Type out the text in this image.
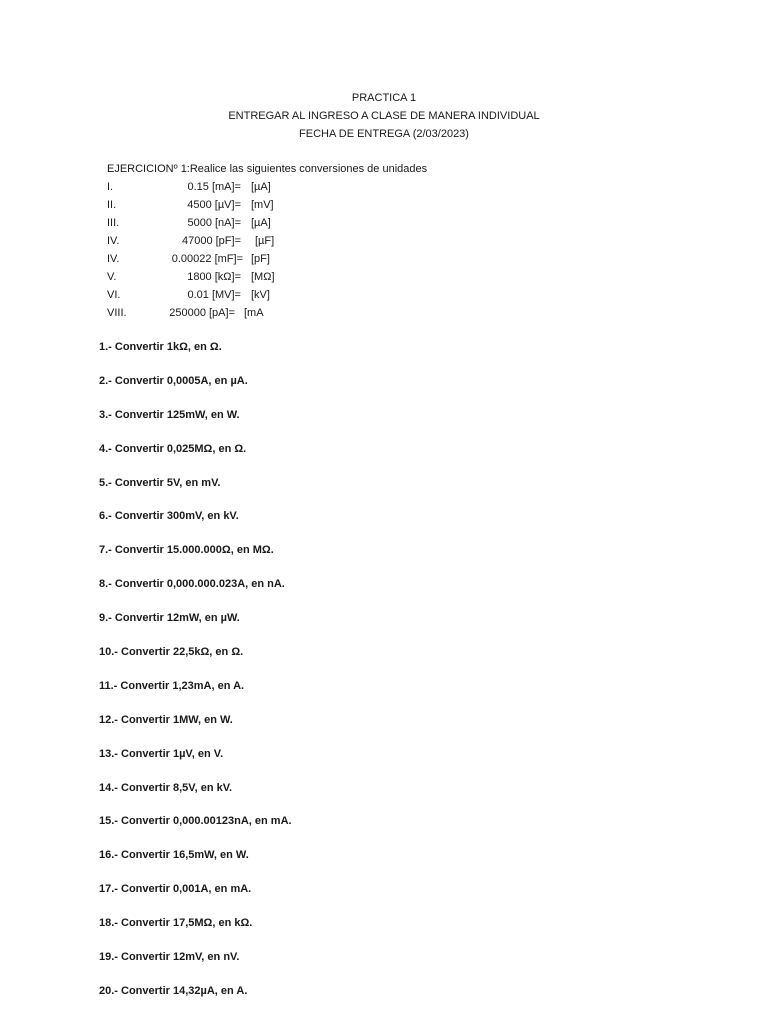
PRACTICA 1
ENTREGAR AL INGRESO A CLASE DE MANERA INDIVIDUAL
FECHA DE ENTREGA (2/03/2023)
EJERCICIONº 1:Realice las siguientes conversiones de unidades
I.	0.15 [mA]= [µA]
II.	4500 [µV]= [mV]
III.	5000 [nA]= [µA]
IV.	47000 [pF]= [µF]
IV.	0.00022 [mF]= [pF]
V.	1800 [kΩ]= [MΩ]
VI.	0.01 [MV]= [kV]
VIII.	250000 [pA]= [mA
1.- Convertir 1kΩ, en Ω.
2.- Convertir 0,0005A, en µA.
3.- Convertir 125mW, en W.
4.- Convertir 0,025MΩ, en Ω.
5.- Convertir 5V, en mV.
6.- Convertir 300mV, en kV.
7.- Convertir 15.000.000Ω, en MΩ.
8.- Convertir 0,000.000.023A, en nA.
9.- Convertir 12mW, en µW.
10.- Convertir 22,5kΩ, en Ω.
11.- Convertir 1,23mA, en A.
12.- Convertir 1MW, en W.
13.- Convertir 1µV, en V.
14.- Convertir 8,5V, en kV.
15.- Convertir 0,000.00123nA, en mA.
16.- Convertir 16,5mW, en W.
17.- Convertir 0,001A, en mA.
18.- Convertir 17,5MΩ, en kΩ.
19.- Convertir 12mV, en nV.
20.- Convertir 14,32µA, en A.
